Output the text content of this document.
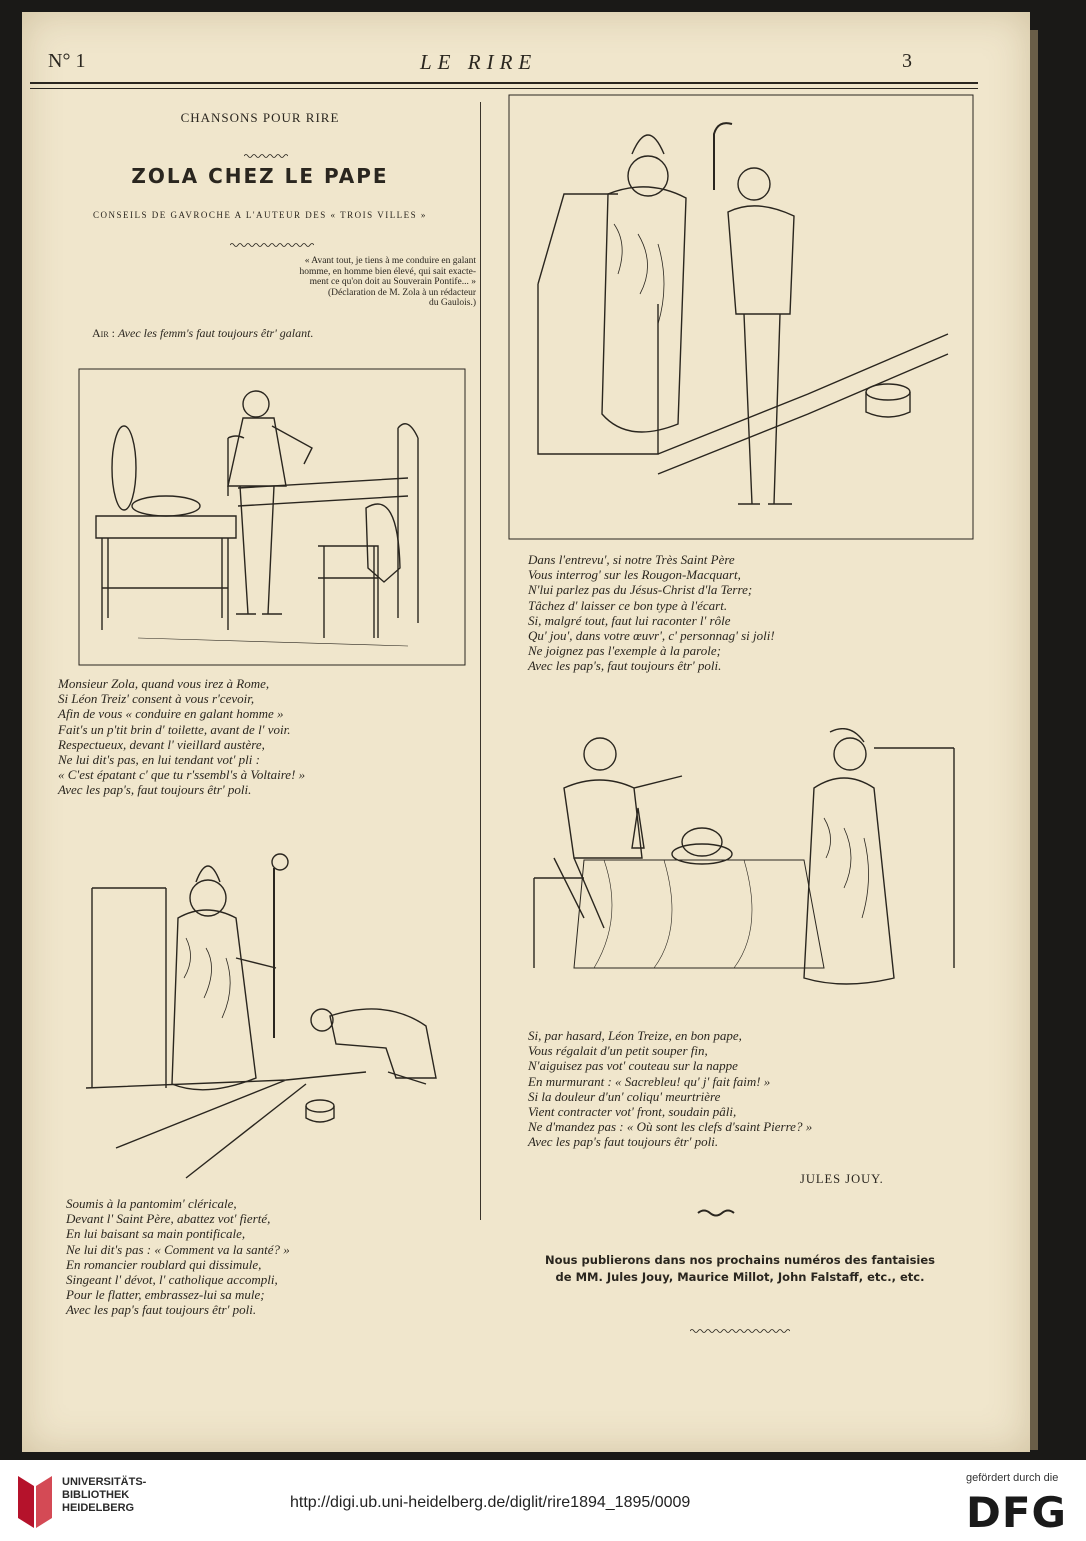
N° 1	LE RIRE	3
CHANSONS POUR RIRE
ZOLA CHEZ LE PAPE
CONSEILS DE GAVROCHE A L'AUTEUR DES « TROIS VILLES »
« Avant tout, je tiens à me conduire en galant
homme, en homme bien élevé, qui sait exacte-
ment ce qu'on doit au Souverain Pontife... »
(Déclaration de M. Zola à un rédacteur
du Gaulois.)
Air : Avec les femm's faut toujours êtr' galant.
Monsieur Zola, quand vous irez à Rome,
Si Léon Treiz' consent à vous r'cevoir,
Afin de vous « conduire en galant homme »
Fait's un p'tit brin d' toilette, avant de l' voir.
Respectueux, devant l' vieillard austère,
Ne lui dit's pas, en lui tendant vot' pli :
« C'est épatant c' que tu r'ssembl's à Voltaire! »
Avec les pap's, faut toujours êtr' poli.
Soumis à la pantomim' cléricale,
Devant l' Saint Père, abattez vot' fierté,
En lui baisant sa main pontificale,
Ne lui dit's pas : « Comment va la santé? »
En romancier roublard qui dissimule,
Singeant l' dévot, l' catholique accompli,
Pour le flatter, embrassez-lui sa mule;
Avec les pap's faut toujours êtr' poli.
Dans l'entrevu', si notre Très Saint Père
Vous interrog' sur les Rougon-Macquart,
N'lui parlez pas du Jésus-Christ d'la Terre;
Tâchez d' laisser ce bon type à l'écart.
Si, malgré tout, faut lui raconter l' rôle
Qu' jou', dans votre œuvr', c' personnag' si joli!
Ne joignez pas l'exemple à la parole;
Avec les pap's, faut toujours êtr' poli.
Si, par hasard, Léon Treize, en bon pape,
Vous régalait d'un petit souper fin,
N'aiguisez pas vot' couteau sur la nappe
En murmurant : « Sacrebleu! qu' j' fait faim! »
Si la douleur d'un' coliqu' meurtrière
Vient contracter vot' front, soudain pâli,
Ne d'mandez pas : « Où sont les clefs d'saint Pierre? »
Avec les pap's faut toujours êtr' poli.
JULES JOUY.
Nous publierons dans nos prochains numéros des fantaisies
de MM. Jules Jouy, Maurice Millot, John Falstaff, etc., etc.
UNIVERSITÄTS-
BIBLIOTHEK
HEIDELBERG	http://digi.ub.uni-heidelberg.de/diglit/rire1894_1895/0009
gefördert durch die
DFG
